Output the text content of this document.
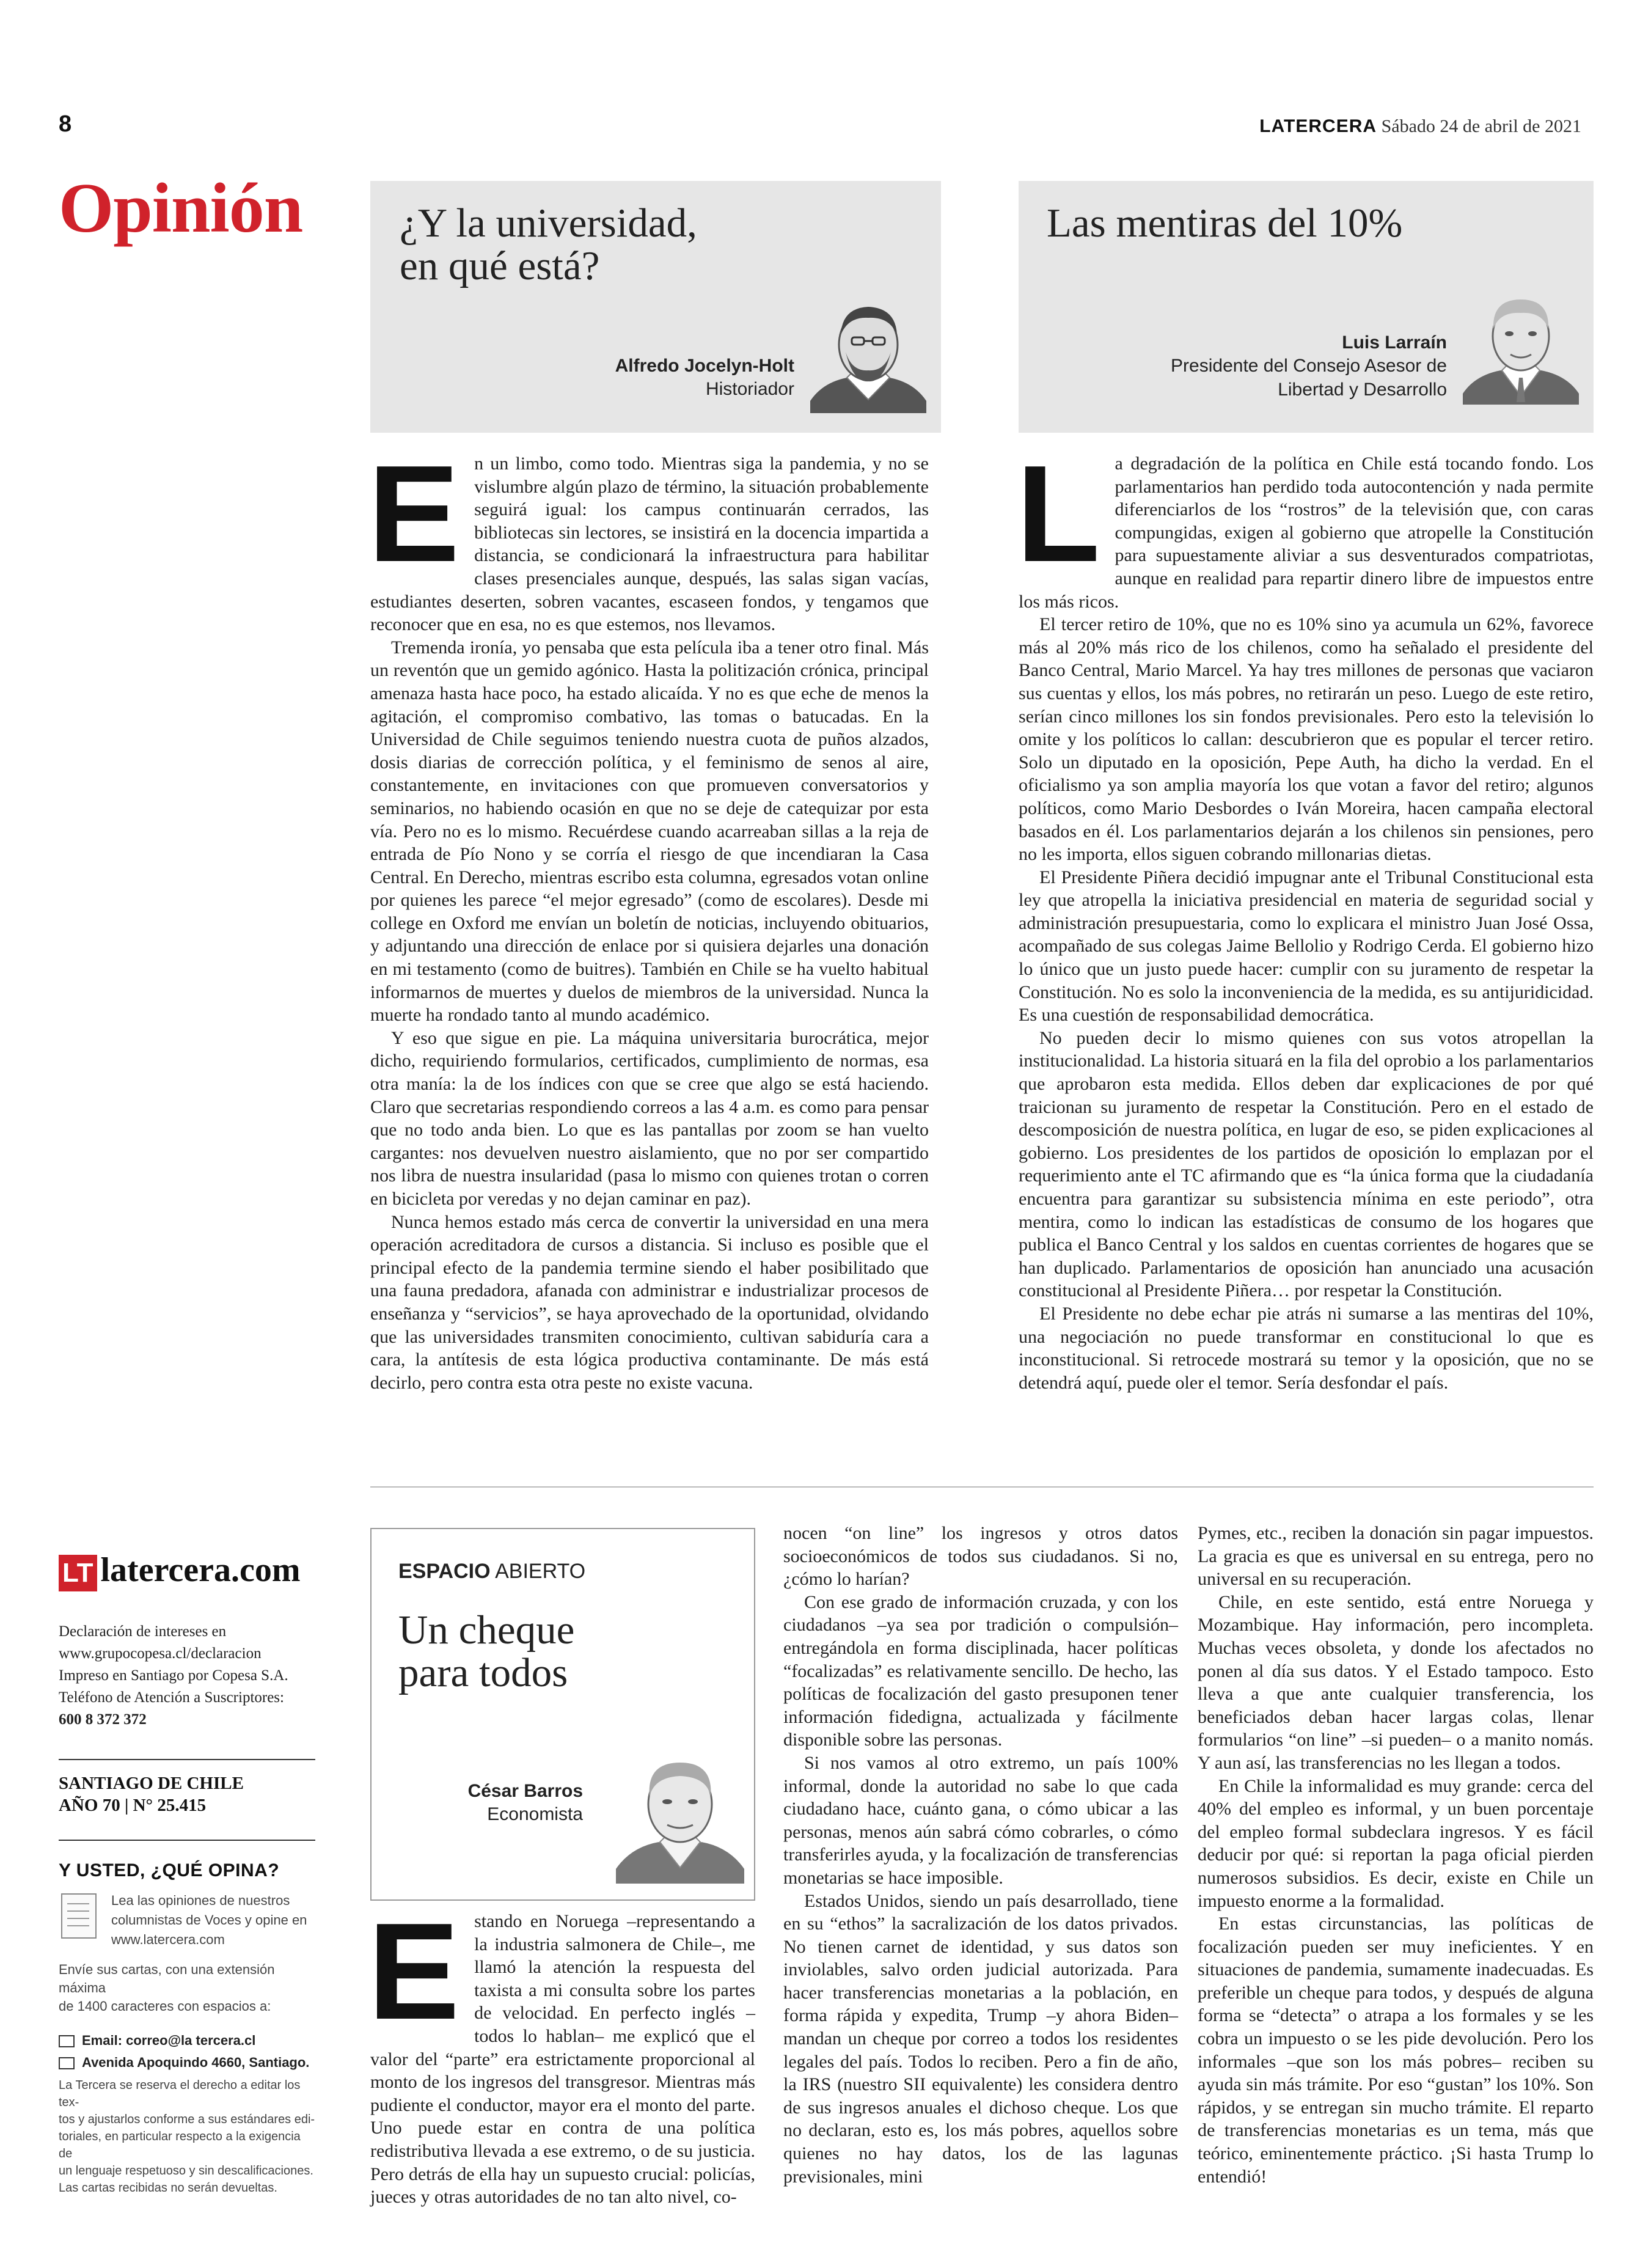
8	LATERCERA Sábado 24 de abril de 2021
Opinión ¿Y la universidad,
en qué está?
Alfredo Jocelyn-Holt
Historiador
Las mentiras del 10%
Luis Larraín
Presidente del Consejo Asesor de
Libertad y Desarrollo

En un limbo, como todo. Mientras siga la pandemia, y no se vislumbre algún plazo de término, la situación probablemente seguirá igual: los campus continuarán cerrados, las bibliotecas sin lectores, se insistirá en la docencia impartida a distancia, se condicionará la infraestructura para habilitar clases presenciales aunque, después, las salas sigan vacías, estudiantes deserten, sobren vacantes, escaseen fondos, y tengamos que reconocer que en esa, no es que estemos, nos llevamos.

Tremenda ironía, yo pensaba que esta película iba a tener otro final. Más un reventón que un gemido agónico. Hasta la politización crónica, principal amenaza hasta hace poco, ha estado alicaída. Y no es que eche de menos la agitación, el compromiso combativo, las tomas o batucadas. En la Universidad de Chile seguimos teniendo nuestra cuota de puños alzados, dosis diarias de corrección política, y el feminismo de senos al aire, constantemente, en invitaciones con que promueven conversatorios y seminarios, no habiendo ocasión en que no se deje de catequizar por esta vía. Pero no es lo mismo. Recuérdese cuando acarreaban sillas a la reja de entrada de Pío Nono y se corría el riesgo de que incendiaran la Casa Central. En Derecho, mientras escribo esta columna, egresados votan online por quienes les parece “el mejor egresado” (como de escolares). Desde mi college en Oxford me envían un boletín de noticias, incluyendo obituarios, y adjuntando una dirección de enlace por si quisiera dejarles una donación en mi testamento (como de buitres). También en Chile se ha vuelto habitual informarnos de muertes y duelos de miembros de la universidad. Nunca la muerte ha rondado tanto al mundo académico.

Y eso que sigue en pie. La máquina universitaria burocrática, mejor dicho, requiriendo formularios, certificados, cumplimiento de normas, esa otra manía: la de los índices con que se cree que algo se está haciendo. Claro que secretarias respondiendo correos a las 4 a.m. es como para pensar que no todo anda bien. Lo que es las pantallas por zoom se han vuelto cargantes: nos devuelven nuestro aislamiento, que no por ser compartido nos libra de nuestra insularidad (pasa lo mismo con quienes trotan o corren en bicicleta por veredas y no dejan caminar en paz).

Nunca hemos estado más cerca de convertir la universidad en una mera operación acreditadora de cursos a distancia. Si incluso es posible que el principal efecto de la pandemia termine siendo el haber posibilitado que una fauna predadora, afanada con administrar e industrializar procesos de enseñanza y “servicios”, se haya aprovechado de la oportunidad, olvidando que las universidades transmiten conocimiento, cultivan sabiduría cara a cara, la antítesis de esta lógica productiva contaminante. De más está decirlo, pero contra esta otra peste no existe vacuna.

La degradación de la política en Chile está tocando fondo. Los parlamentarios han perdido toda autocontención y nada permite diferenciarlos de los “rostros” de la televisión que, con caras compungidas, exigen al gobierno que atropelle la Constitución para supuestamente aliviar a sus desventurados compatriotas, aunque en realidad para repartir dinero libre de impuestos entre los más ricos.

El tercer retiro de 10%, que no es 10% sino ya acumula un 62%, favorece más al 20% más rico de los chilenos, como ha señalado el presidente del Banco Central, Mario Marcel. Ya hay tres millones de personas que vaciaron sus cuentas y ellos, los más pobres, no retirarán un peso. Luego de este retiro, serían cinco millones los sin fondos previsionales. Pero esto la televisión lo omite y los políticos lo callan: descubrieron que es popular el tercer retiro. Solo un diputado en la oposición, Pepe Auth, ha dicho la verdad. En el oficialismo ya son amplia mayoría los que votan a favor del retiro; algunos políticos, como Mario Desbordes o Iván Moreira, hacen campaña electoral basados en él. Los parlamentarios dejarán a los chilenos sin pensiones, pero no les importa, ellos siguen cobrando millonarias dietas.

El Presidente Piñera decidió impugnar ante el Tribunal Constitucional esta ley que atropella la iniciativa presidencial en materia de seguridad social y administración presupuestaria, como lo explicara el ministro Juan José Ossa, acompañado de sus colegas Jaime Bellolio y Rodrigo Cerda. El gobierno hizo lo único que un justo puede hacer: cumplir con su juramento de respetar la Constitución. No es solo la inconveniencia de la medida, es su antijuridicidad. Es una cuestión de responsabilidad democrática.

No pueden decir lo mismo quienes con sus votos atropellan la institucionalidad. La historia situará en la fila del oprobio a los parlamentarios que aprobaron esta medida. Ellos deben dar explicaciones de por qué traicionan su juramento de respetar la Constitución. Pero en el estado de descomposición de nuestra política, en lugar de eso, se piden explicaciones al gobierno. Los presidentes de los partidos de oposición lo emplazan por el requerimiento ante el TC afirmando que es “la única forma que la ciudadanía encuentra para garantizar su subsistencia mínima en este periodo”, otra mentira, como lo indican las estadísticas de consumo de los hogares que publica el Banco Central y los saldos en cuentas corrientes de hogares que se han duplicado. Parlamentarios de oposición han anunciado una acusación constitucional al Presidente Piñera… por respetar la Constitución.

El Presidente no debe echar pie atrás ni sumarse a las mentiras del 10%, una negociación no puede transformar en constitucional lo que es inconstitucional. Si retrocede mostrará su temor y la oposición, que no se detendrá aquí, puede oler el temor. Sería desfondar el país.

LT latercera.com
Declaración de intereses en
www.grupocopesa.cl/declaracion
Impreso en Santiago por Copesa S.A.
Teléfono de Atención a Suscriptores:
600 8 372 372
SANTIAGO DE CHILE
AÑO 70 | N° 25.415
Y USTED, ¿QUÉ OPINA?
Lea las opiniones de nuestros
columnistas de Voces y opine en
www.latercera.com
Envíe sus cartas, con una extensión máxima
de 1400 caracteres con espacios a:
Email: correo@la tercera.cl
Avenida Apoquindo 4660, Santiago.
La Tercera se reserva el derecho a editar los tex-
tos y ajustarlos conforme a sus estándares edi-
toriales, en particular respecto a la exigencia de
un lenguaje respetuoso y sin descalificaciones.
Las cartas recibidas no serán devueltas.
ESPACIO ABIERTO
Un cheque
para todos
César Barros
Economista

Estando en Noruega –representando a la industria salmonera de Chile–, me llamó la atención la respuesta del taxista a mi consulta sobre los partes de velocidad. En perfecto inglés –todos lo hablan– me explicó que el valor del “parte” era estrictamente proporcional al monto de los ingresos del transgresor. Mientras más pudiente el conductor, mayor era el monto del parte. Uno puede estar en contra de una política redistributiva llevada a ese extremo, o de su justicia. Pero detrás de ella hay un supuesto crucial: policías, jueces y otras autoridades de no tan alto nivel, co-

nocen “on line” los ingresos y otros datos socioeconómicos de todos sus ciudadanos. Si no, ¿cómo lo harían?

Con ese grado de información cruzada, y con los ciudadanos –ya sea por tradición o compulsión– entregándola en forma disciplinada, hacer políticas “focalizadas” es relativamente sencillo. De hecho, las políticas de focalización del gasto presuponen tener información fidedigna, actualizada y fácilmente disponible sobre las personas.

Si nos vamos al otro extremo, un país 100% informal, donde la autoridad no sabe lo que cada ciudadano hace, cuánto gana, o cómo ubicar a las personas, menos aún sabrá cómo cobrarles, o cómo transferirles ayuda, y la focalización de transferencias monetarias se hace imposible.

Estados Unidos, siendo un país desarrollado, tiene en su “ethos” la sacralización de los datos privados. No tienen carnet de identidad, y sus datos son inviolables, salvo orden judicial autorizada. Para hacer transferencias monetarias a la población, en forma rápida y expedita, Trump –y ahora Biden– mandan un cheque por correo a todos los residentes legales del país. Todos lo reciben. Pero a fin de año, la IRS (nuestro SII equivalente) les considera dentro de sus ingresos anuales el dichoso cheque. Los que no declaran, esto es, los más pobres, aquellos sobre quienes no hay datos, los de las lagunas previsionales, mini

Pymes, etc., reciben la donación sin pagar impuestos. La gracia es que es universal en su entrega, pero no universal en su recuperación.

Chile, en este sentido, está entre Noruega y Mozambique. Hay información, pero incompleta. Muchas veces obsoleta, y donde los afectados no ponen al día sus datos. Y el Estado tampoco. Esto lleva a que ante cualquier transferencia, los beneficiados deban hacer largas colas, llenar formularios “on line” –si pueden– o a manito nomás. Y aun así, las transferencias no les llegan a todos.

En Chile la informalidad es muy grande: cerca del 40% del empleo es informal, y un buen porcentaje del empleo formal subdeclara ingresos. Y es fácil deducir por qué: si reportan la paga oficial pierden numerosos subsidios. Es decir, existe en Chile un impuesto enorme a la formalidad.

En estas circunstancias, las políticas de focalización pueden ser muy ineficientes. Y en situaciones de pandemia, sumamente inadecuadas. Es preferible un cheque para todos, y después de alguna forma se “detecta” o atrapa a los formales y se les cobra un impuesto o se les pide devolución. Pero los informales –que son los más pobres– reciben su ayuda sin más trámite. Por eso “gustan” los 10%. Son rápidos, y se entregan sin mucho trámite. El reparto de transferencias monetarias es un tema, más que teórico, eminentemente práctico. ¡Si hasta Trump lo entendió!
